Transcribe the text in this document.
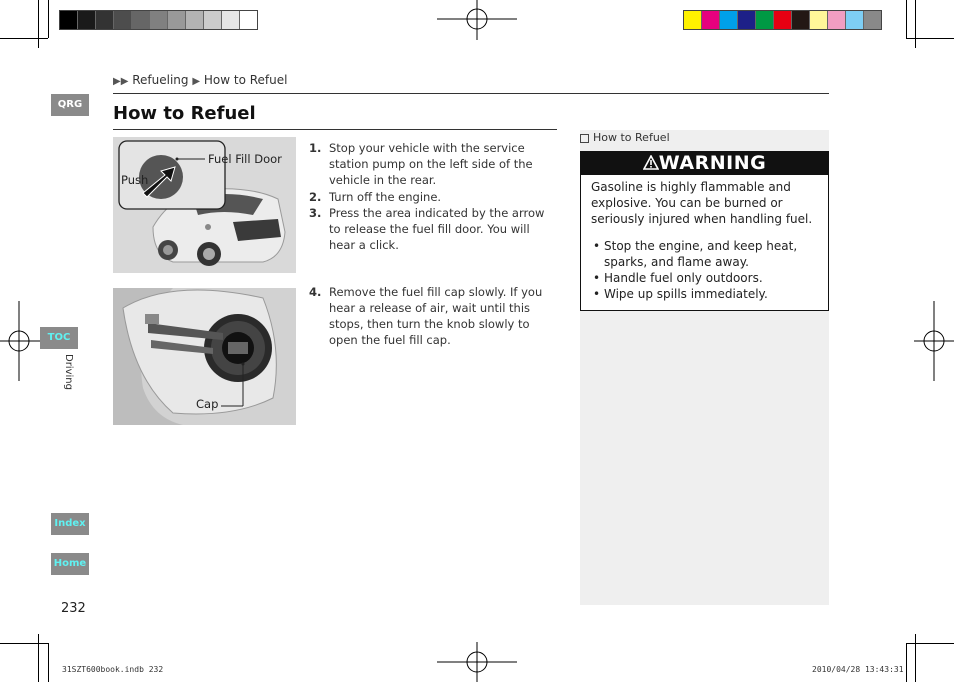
QRG
TOC
Driving
Index
Home
▶▶ Refueling ▶ How to Refuel
How to Refuel
Fuel Fill Door
Push
Cap
1. Stop your vehicle with the service station pump on the left side of the vehicle in the rear.
2. Turn off the engine.
3. Press the area indicated by the arrow to release the fuel fill door. You will hear a click.
4. Remove the fuel fill cap slowly. If you hear a release of air, wait until this stops, then turn the knob slowly to open the fuel fill cap.
How to Refuel
WARNING
Gasoline is highly flammable and explosive. You can be burned or seriously injured when handling fuel.
• Stop the engine, and keep heat, sparks, and flame away.
• Handle fuel only outdoors.
• Wipe up spills immediately.
232
31SZT600book.indb 232	2010/04/28 13:43:31
